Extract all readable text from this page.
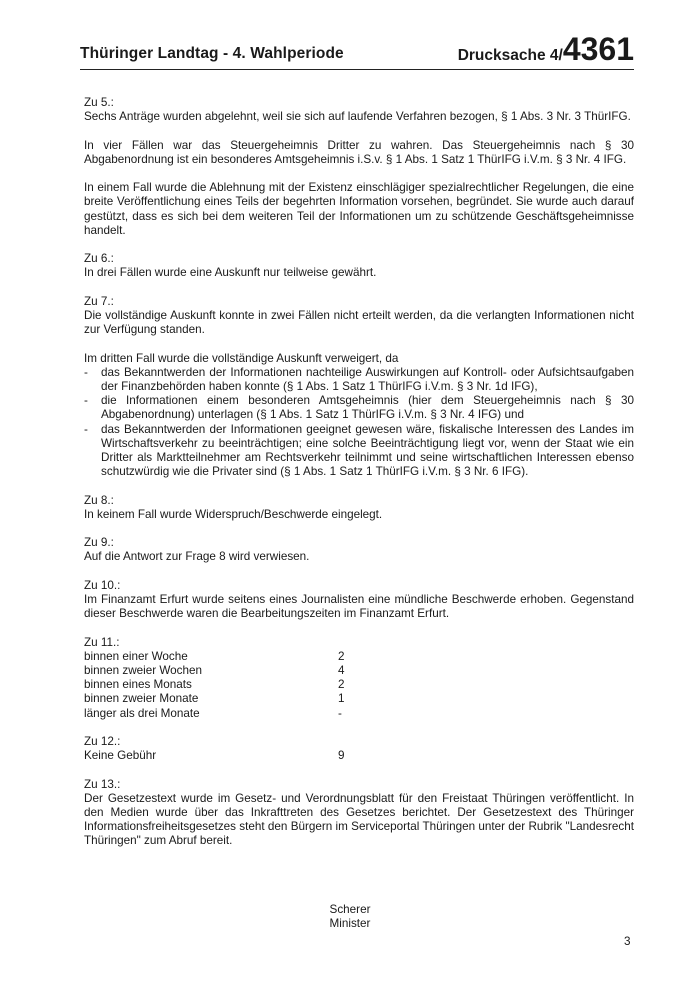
Thüringer Landtag - 4. Wahlperiode	Drucksache 4/4361

Zu 5.:

Sechs Anträge wurden abgelehnt, weil sie sich auf laufende Verfahren bezogen, § 1 Abs. 3 Nr. 3 ThürIFG.

In vier Fällen war das Steuergeheimnis Dritter zu wahren. Das Steuergeheimnis nach § 30 Abgabenordnung ist ein besonderes Amtsgeheimnis i.S.v. § 1 Abs. 1 Satz 1 ThürIFG i.V.m. § 3 Nr. 4 IFG.

In einem Fall wurde die Ablehnung mit der Existenz einschlägiger spezialrechtlicher Regelungen, die eine breite Veröffentlichung eines Teils der begehrten Information vorsehen, begründet. Sie wurde auch darauf gestützt, dass es sich bei dem weiteren Teil der Informationen um zu schützende Geschäftsgeheimnisse handelt.

Zu 6.:

In drei Fällen wurde eine Auskunft nur teilweise gewährt.

Zu 7.:

Die vollständige Auskunft konnte in zwei Fällen nicht erteilt werden, da die verlangten Informationen nicht zur Verfügung standen.

Im dritten Fall wurde die vollständige Auskunft verweigert, da

- das Bekanntwerden der Informationen nachteilige Auswirkungen auf Kontroll- oder Aufsichtsaufgaben der Finanzbehörden haben konnte (§ 1 Abs. 1 Satz 1 ThürIFG i.V.m. § 3 Nr. 1d IFG),
- die Informationen einem besonderen Amtsgeheimnis (hier dem Steuergeheimnis nach § 30 Abgabenordnung) unterlagen (§ 1 Abs. 1 Satz 1 ThürIFG i.V.m. § 3 Nr. 4 IFG) und
- das Bekanntwerden der Informationen geeignet gewesen wäre, fiskalische Interessen des Landes im Wirtschaftsverkehr zu beeinträchtigen; eine solche Beeinträchtigung liegt vor, wenn der Staat wie ein Dritter als Marktteilnehmer am Rechtsverkehr teilnimmt und seine wirtschaftlichen Interessen ebenso schutzwürdig wie die Privater sind (§ 1 Abs. 1 Satz 1 ThürIFG i.V.m. § 3 Nr. 6 IFG).

Zu 8.:

In keinem Fall wurde Widerspruch/Beschwerde eingelegt.

Zu 9.:

Auf die Antwort zur Frage 8 wird verwiesen.

Zu 10.:

Im Finanzamt Erfurt wurde seitens eines Journalisten eine mündliche Beschwerde erhoben. Gegenstand dieser Beschwerde waren die Bearbeitungszeiten im Finanzamt Erfurt.

Zu 11.:

binnen einer Woche	2
binnen zweier Wochen	4
binnen eines Monats	2
binnen zweier Monate	1
länger als drei Monate	-

Zu 12.:

Keine Gebühr	9

Zu 13.:

Der Gesetzestext wurde im Gesetz- und Verordnungsblatt für den Freistaat Thüringen veröffentlicht. In den Medien wurde über das Inkrafttreten des Gesetzes berichtet. Der Gesetzestext des Thüringer Informationsfreiheitsgesetzes steht den Bürgern im Serviceportal Thüringen unter der Rubrik "Landesrecht Thüringen" zum Abruf bereit.

Scherer
Minister
3
